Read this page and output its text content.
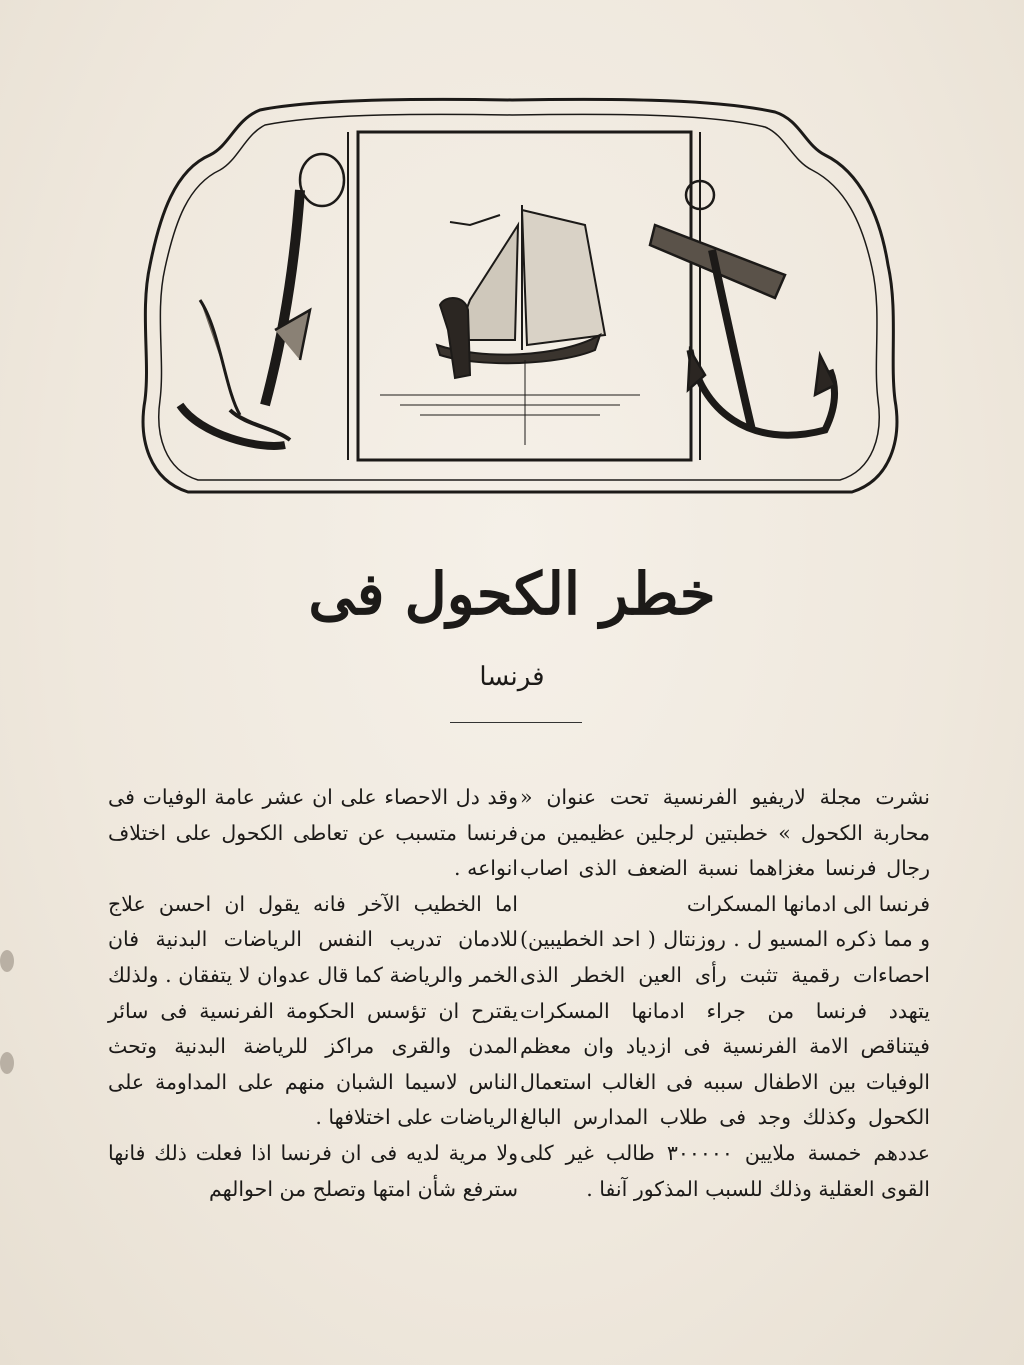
خطر الكحول فى
فرنسا

نشرت مجلة لاريفيو الفرنسية تحت عنوان « محاربة الكحول » خطبتين لرجلين عظيمين من رجال فرنسا مغزاهما نسبة الضعف الذى اصاب فرنسا الى ادمانها المسكرات

و مما ذكره المسيو ل . روزنتال ( احد الخطيبين) احصاءات رقمية تثبت رأى العين الخطر الذى يتهدد فرنسا من جراء ادمانها المسكرات فيتناقص الامة الفرنسية فى ازدياد وان معظم الوفيات بين الاطفال سببه فى الغالب استعمال الكحول وكذلك وجد فى طلاب المدارس البالغ عددهم خمسة ملايين ٣٠٠٠٠٠ طالب غير كلى القوى العقلية وذلك للسبب المذكور آنفا .

وقد دل الاحصاء على ان عشر عامة الوفيات فى فرنسا متسبب عن تعاطى الكحول على اختلاف انواعه .

اما الخطيب الآخر فانه يقول ان احسن علاج للادمان تدريب النفس الرياضات البدنية فان الخمر والرياضة كما قال عدوان لا يتفقان . ولذلك يقترح ان تؤسس الحكومة الفرنسية فى سائر المدن والقرى مراكز للرياضة البدنية وتحث الناس لاسيما الشبان منهم على المداومة على الرياضات على اختلافها .

ولا مرية لديه فى ان فرنسا اذا فعلت ذلك فانها سترفع شأن امتها وتصلح من احوالهم
